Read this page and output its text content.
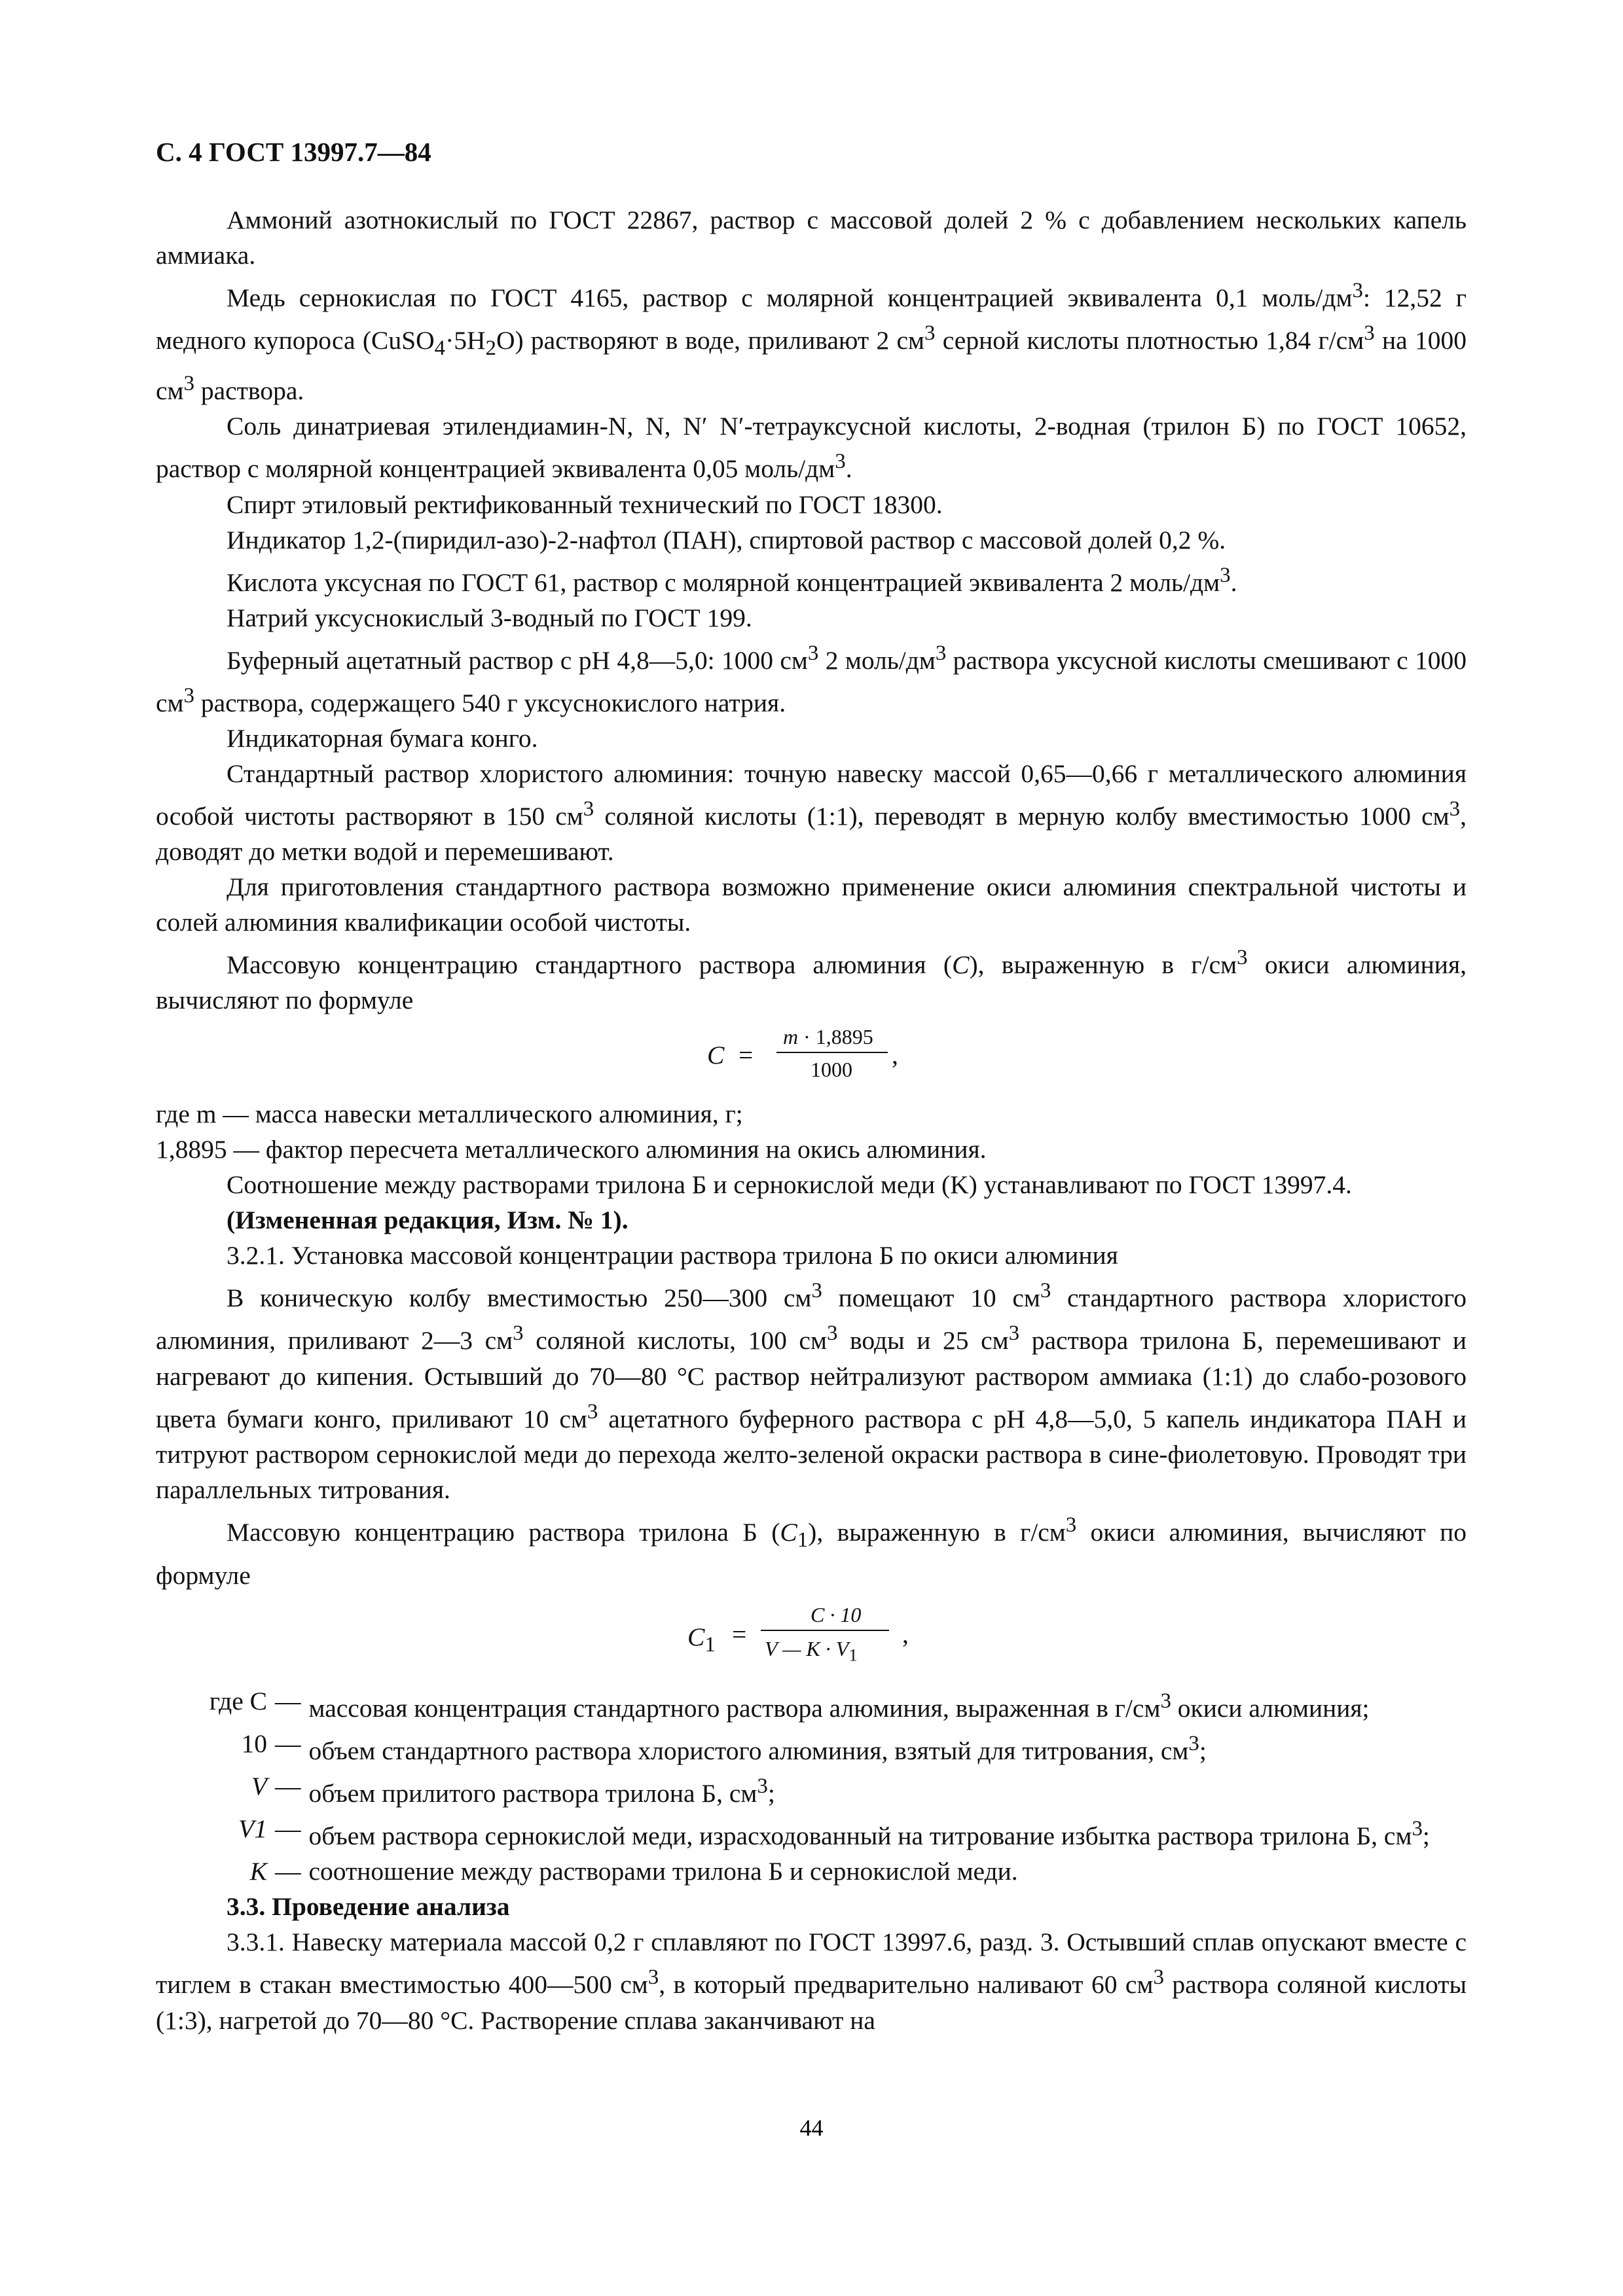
С. 4 ГОСТ 13997.7—84

Аммоний азотнокислый по ГОСТ 22867, раствор с массовой долей 2 % с добавлением нескольких капель аммиака.

Медь сернокислая по ГОСТ 4165, раствор с молярной концентрацией эквивалента 0,1 моль/$дм^3$: 12,52 г медного купороса $(CuSO_4\cdot 5H_2O)$ растворяют в воде, приливают 2 $см^3$ серной кислоты плотностью 1,84 $г/см^3$ на 1000 $см^3$ раствора.

Соль динатриевая этилендиамин-N, N, N′ N′-тетрауксусной кислоты, 2-водная (трилон Б) по ГОСТ 10652, раствор с молярной концентрацией эквивалента 0,05 моль/$дм^3$.

Спирт этиловый ректификованный технический по ГОСТ 18300.

Индикатор 1,2-(пиридил-азо)-2-нафтол (ПАН), спиртовой раствор с массовой долей 0,2 %.

Кислота уксусная по ГОСТ 61, раствор с молярной концентрацией эквивалента 2 моль/$дм^3$.

Натрий уксуснокислый 3-водный по ГОСТ 199.

Буферный ацетатный раствор с pH 4,8—5,0: 1000 $см^3$ 2 моль/$дм^3$ раствора уксусной кислоты смешивают с 1000 $см^3$ раствора, содержащего 540 г уксуснокислого натрия.

Индикаторная бумага конго.

Стандартный раствор хлористого алюминия: точную навеску массой 0,65—0,66 г металлического алюминия особой чистоты растворяют в 150 $см^3$ соляной кислоты (1:1), переводят в мерную колбу вместимостью 1000 $см^3$, доводят до метки водой и перемешивают.

Для приготовления стандартного раствора возможно применение окиси алюминия спектральной чистоты и солей алюминия квалификации особой чистоты.

Массовую концентрацию стандартного раствора алюминия (C), выраженную в $г/см^3$ окиси алюминия, вычисляют по формуле

C =
m · 1,8895
1000 ,
где m — масса навески металлического алюминия, г;
1,8895 — фактор пересчета металлического алюминия на окись алюминия.

Соотношение между растворами трилона Б и сернокислой меди (K) устанавливают по ГОСТ 13997.4.

(Измененная редакция, Изм. № 1).

3.2.1. Установка массовой концентрации раствора трилона Б по окиси алюминия

В коническую колбу вместимостью 250—300 $см^3$ помещают 10 $см^3$ стандартного раствора хлористого алюминия, приливают 2—3 $см^3$ соляной кислоты, 100 $см^3$ воды и 25 $см^3$ раствора трилона Б, перемешивают и нагревают до кипения. Остывший до 70—80 °С раствор нейтрализуют раствором аммиака (1:1) до слабо-розового цвета бумаги конго, приливают 10 $см^3$ ацетатного буферного раствора с pH 4,8—5,0, 5 капель индикатора ПАН и титруют раствором сернокислой меди до перехода желто-зеленой окраски раствора в сине-фиолетовую. Проводят три параллельных титрования.

Массовую концентрацию раствора трилона Б $(C_1)$, выраженную в $г/см^3$ окиси алюминия, вычисляют по формуле

$C_1$ =
C · 10
V — $K \cdot V_1$
,
где C — массовая концентрация стандартного раствора алюминия, выраженная в $г/см^3$ окиси алюминия;
10 — объем стандартного раствора хлористого алюминия, взятый для титрования, $см^3$;
V — объем прилитого раствора трилона Б, $см^3$;
V1 — объем раствора сернокислой меди, израсходованный на титрование избытка раствора трилона Б, $см^3$;
K — соотношение между растворами трилона Б и сернокислой меди.

3.3. Проведение анализа

3.3.1. Навеску материала массой 0,2 г сплавляют по ГОСТ 13997.6, разд. 3. Остывший сплав опускают вместе с тиглем в стакан вместимостью 400—500 $см^3$, в который предварительно наливают 60 $см^3$ раствора соляной кислоты (1:3), нагретой до 70—80 °С. Растворение сплава заканчивают на

44
